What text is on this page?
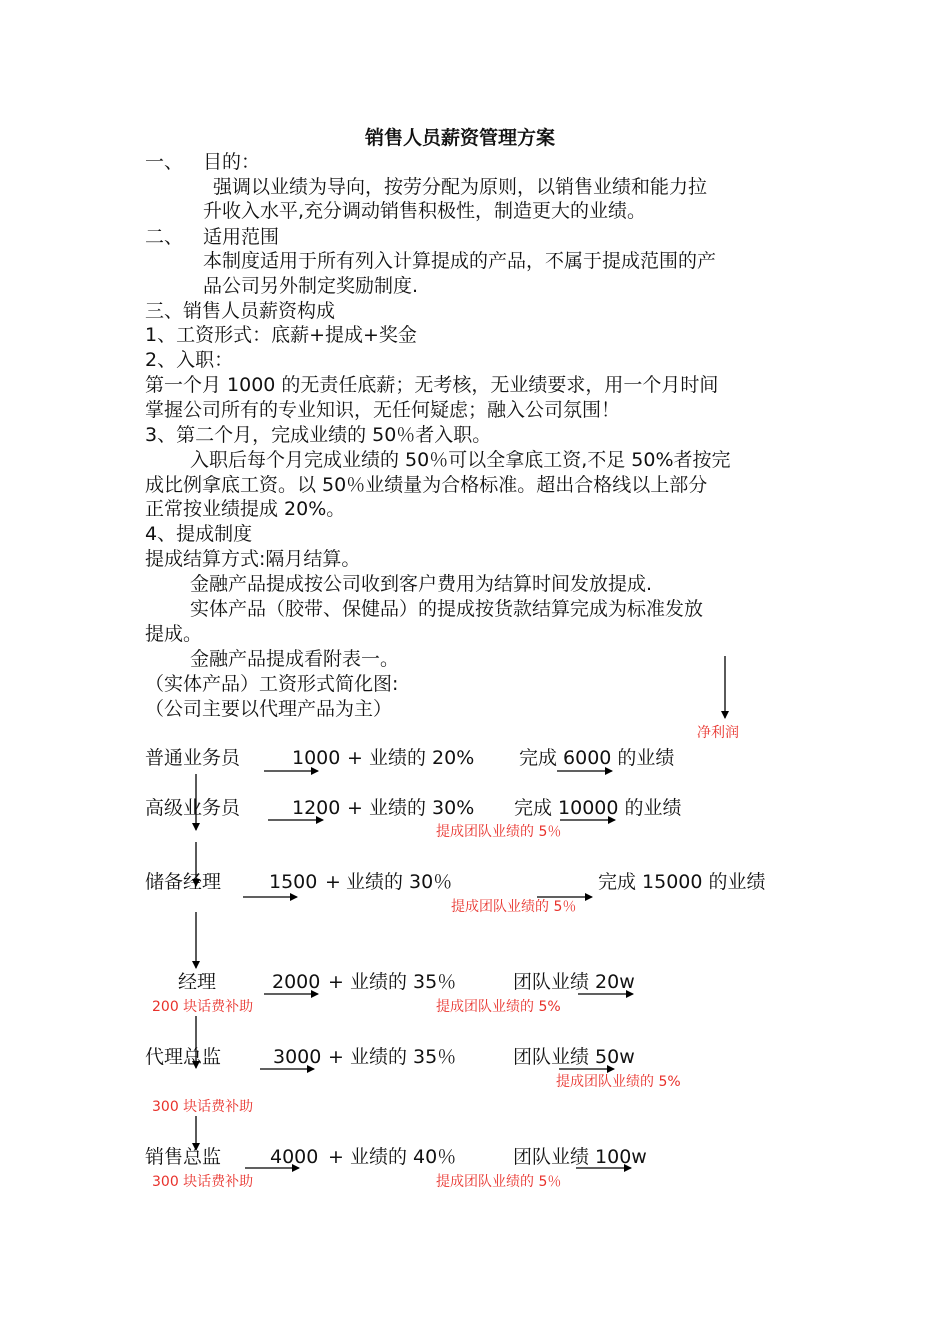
销售人员薪资管理方案
一、 目的：
强调以业绩为导向，按劳分配为原则，以销售业绩和能力拉
升收入水平,充分调动销售积极性，制造更大的业绩。
二、 适用范围
本制度适用于所有列入计算提成的产品，不属于提成范围的产
品公司另外制定奖励制度.
三、销售人员薪资构成
1、工资形式：底薪+提成+奖金
2、入职：
第一个月 1000 的无责任底薪；无考核，无业绩要求，用一个月时间
掌握公司所有的专业知识，无任何疑虑；融入公司氛围！
3、第二个月，完成业绩的 50％者入职。
入职后每个月完成业绩的 50％可以全拿底工资,不足 50%者按完
成比例拿底工资。以 50％业绩量为合格标准。超出合格线以上部分
正常按业绩提成 20%。
4、提成制度
提成结算方式:隔月结算。
金融产品提成按公司收到客户费用为结算时间发放提成.
实体产品（胶带、保健品）的提成按货款结算完成为标准发放
提成。
金融产品提成看附表一。
（实体产品）工资形式简化图:
（公司主要以代理产品为主）
净利润
普通业务员	1000 + 业绩的 20% 完成 6000 的业绩
高级业务员	1200 + 业绩的 30% 完成 10000 的业绩
提成团队业绩的 5％
储备经理	1500 + 业绩的 30％	完成 15000 的业绩
提成团队业绩的 5％
经理	2000 + 业绩的 35％	团队业绩 20w
200 块话费补助	提成团队业绩的 5%
代理总监	3000 + 业绩的 35％	团队业绩 50w
提成团队业绩的 5%
300 块话费补助
销售总监	4000 + 业绩的 40％	团队业绩 100w
300 块话费补助	提成团队业绩的 5％
